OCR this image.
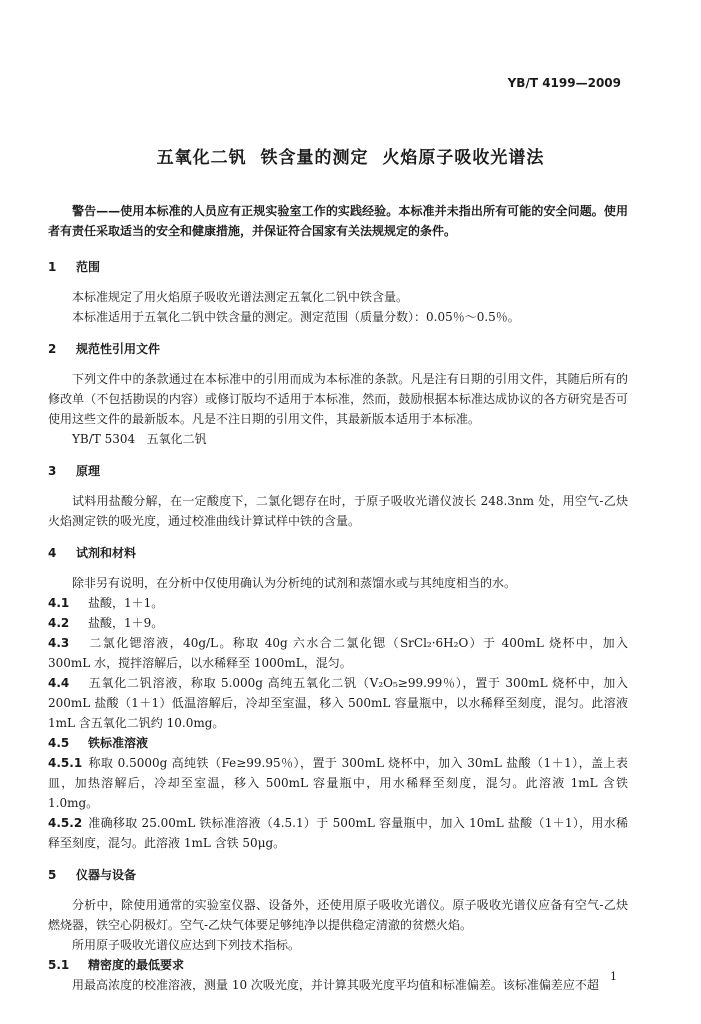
YB/T 4199—2009
五氧化二钒  铁含量的测定  火焰原子吸收光谱法

警告——使用本标准的人员应有正规实验室工作的实践经验。本标准并未指出所有可能的安全问题。使用者有责任采取适当的安全和健康措施，并保证符合国家有关法规规定的条件。

1 范围

本标准规定了用火焰原子吸收光谱法测定五氧化二钒中铁含量。

本标准适用于五氧化二钒中铁含量的测定。测定范围（质量分数）：0.05％～0.5％。

2 规范性引用文件

下列文件中的条款通过在本标准中的引用而成为本标准的条款。凡是注有日期的引用文件，其随后所有的修改单（不包括勘误的内容）或修订版均不适用于本标准，然而，鼓励根据本标准达成协议的各方研究是否可使用这些文件的最新版本。凡是不注日期的引用文件，其最新版本适用于本标准。

YB/T 5304   五氧化二钒

3 原理

试料用盐酸分解，在一定酸度下，二氯化锶存在时，于原子吸收光谱仪波长 248.3nm 处，用空气-乙炔火焰测定铁的吸光度，通过校准曲线计算试样中铁的含量。

4 试剂和材料

除非另有说明，在分析中仅使用确认为分析纯的试剂和蒸馏水或与其纯度相当的水。

4.1 盐酸，1＋1。

4.2 盐酸，1＋9。

4.3 二氯化锶溶液，40g/L。称取 40g 六水合二氯化锶（SrCl₂·6H₂O）于 400mL 烧杯中，加入 300mL 水，搅拌溶解后，以水稀释至 1000mL，混匀。

4.4 五氧化二钒溶液，称取 5.000g 高纯五氧化二钒（V₂O₅≥99.99％），置于 300mL 烧杯中，加入 200mL 盐酸（1＋1）低温溶解后，冷却至室温，移入 500mL 容量瓶中，以水稀释至刻度，混匀。此溶液 1mL 含五氧化二钒约 10.0mg。

4.5 铁标准溶液

4.5.1 称取 0.5000g 高纯铁（Fe≥99.95％），置于 300mL 烧杯中，加入 30mL 盐酸（1＋1），盖上表皿，加热溶解后，冷却至室温，移入 500mL 容量瓶中，用水稀释至刻度，混匀。此溶液 1mL 含铁 1.0mg。

4.5.2 准确移取 25.00mL 铁标准溶液（4.5.1）于 500mL 容量瓶中，加入 10mL 盐酸（1＋1），用水稀释至刻度，混匀。此溶液 1mL 含铁 50μg。

5 仪器与设备

分析中，除使用通常的实验室仪器、设备外，还使用原子吸收光谱仪。原子吸收光谱仪应备有空气-乙炔燃烧器，铁空心阴极灯。空气-乙炔气体要足够纯净以提供稳定清澈的贫燃火焰。

所用原子吸收光谱仪应达到下列技术指标。

5.1 精密度的最低要求

用最高浓度的校准溶液，测量 10 次吸光度，并计算其吸光度平均值和标准偏差。该标准偏差应不超

1
